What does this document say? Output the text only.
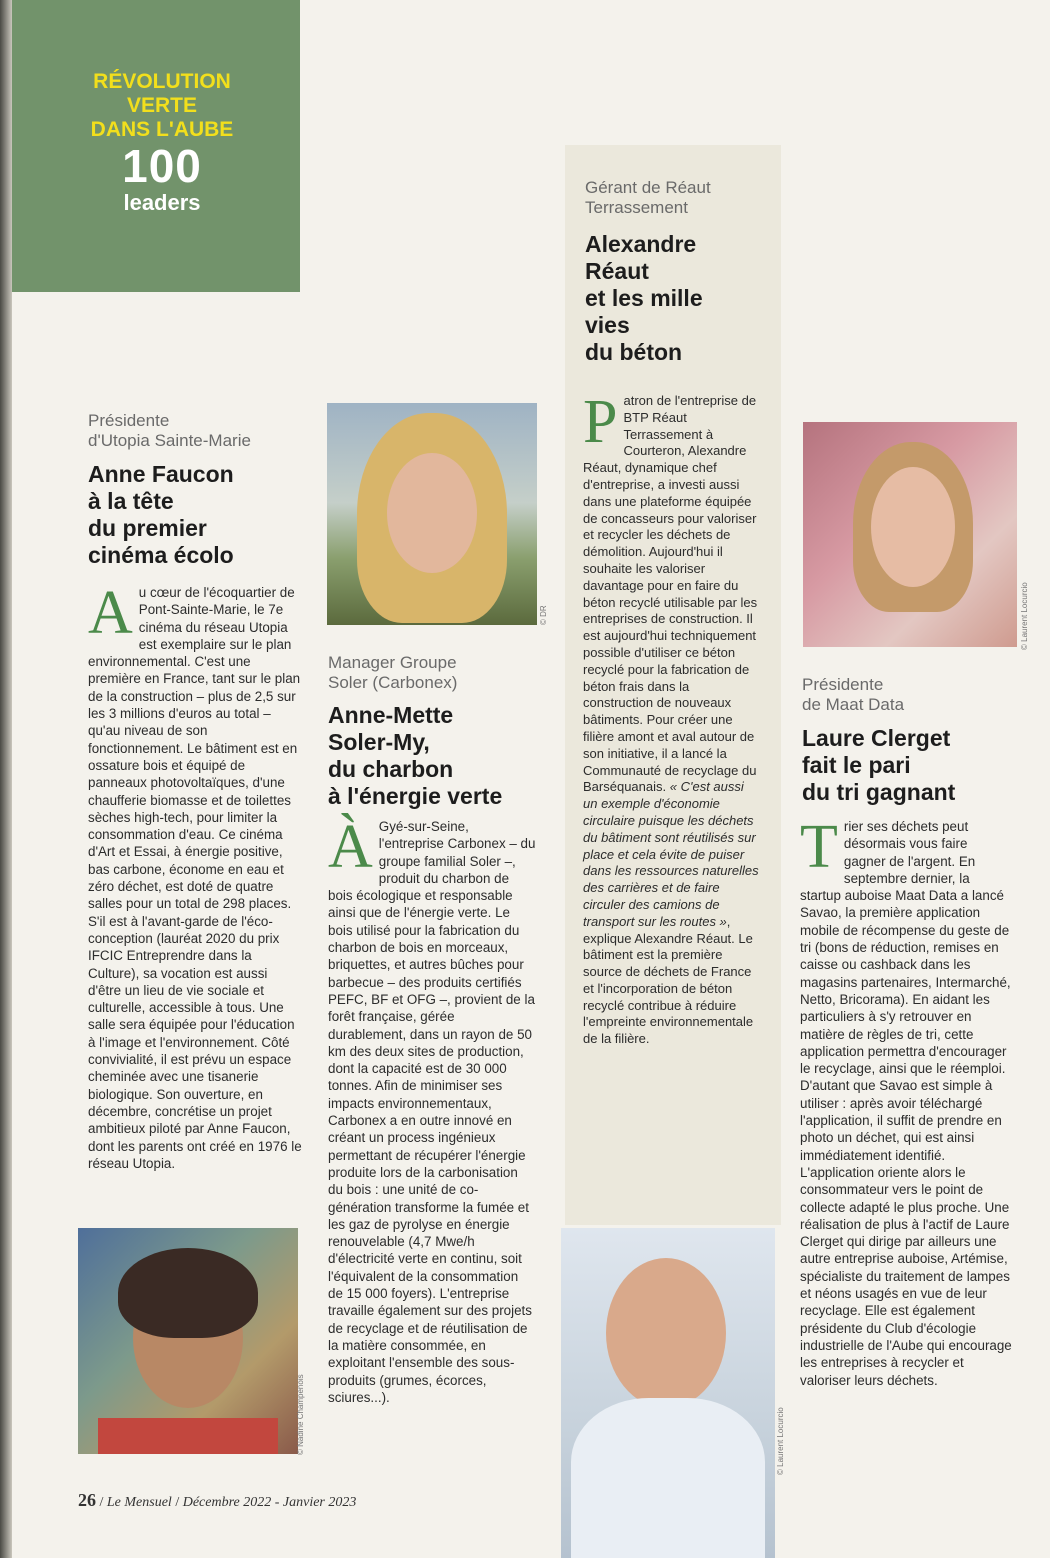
RÉVOLUTION
VERTE
DANS L'AUBE
100
leaders
Présidente
d'Utopia Sainte-Marie
Anne Faucon
à la tête
du premier
cinéma écolo
A u cœur de l'écoquartier de Pont-Sainte-Marie, le 7e cinéma du réseau Utopia est exemplaire sur le plan environnemental. C'est une première en France, tant sur le plan de la construction – plus de 2,5 sur les 3 millions d'euros au total – qu'au niveau de son fonctionnement. Le bâtiment est en ossature bois et équipé de panneaux photovoltaïques, d'une chaufferie biomasse et de toilettes sèches high-tech, pour limiter la consommation d'eau. Ce cinéma d'Art et Essai, à énergie positive, bas carbone, économe en eau et zéro déchet, est doté de quatre salles pour un total de 298 places. S'il est à l'avant-garde de l'éco-conception (lauréat 2020 du prix IFCIC Entreprendre dans la Culture), sa vocation est aussi d'être un lieu de vie sociale et culturelle, accessible à tous. Une salle sera équipée pour l'éducation à l'image et l'environnement. Côté convivialité, il est prévu un espace cheminée avec une tisanerie biologique. Son ouverture, en décembre, concrétise un projet ambitieux piloté par Anne Faucon, dont les parents ont créé en 1976 le réseau Utopia.

© Nadine Champenois
© DR
Manager Groupe
Soler (Carbonex)
Anne-Mette
Soler-My,
du charbon
à l'énergie verte
À Gyé-sur-Seine, l'entreprise Carbonex – du groupe familial Soler –, produit du charbon de bois écologique et responsable ainsi que de l'énergie verte. Le bois utilisé pour la fabrication du charbon de bois en morceaux, briquettes, et autres bûches pour barbecue – des produits certifiés PEFC, BF et OFG –, provient de la forêt française, gérée durablement, dans un rayon de 50 km des deux sites de production, dont la capacité est de 30 000 tonnes. Afin de minimiser ses impacts environnementaux, Carbonex a en outre innové en créant un process ingénieux permettant de récupérer l'énergie produite lors de la carbonisation du bois : une unité de co-génération transforme la fumée et les gaz de pyrolyse en énergie renouvelable (4,7 Mwe/h d'électricité verte en continu, soit l'équivalent de la consommation de 15 000 foyers). L'entreprise travaille également sur des projets de recyclage et de réutilisation de la matière consommée, en exploitant l'ensemble des sous-produits (grumes, écorces, sciures...).

Gérant de Réaut
Terrassement
Alexandre
Réaut
et les mille
vies
du béton
P atron de l'entreprise de BTP Réaut Terrassement à Courteron, Alexandre Réaut, dynamique chef d'entreprise, a investi aussi dans une plateforme équipée de concasseurs pour valoriser et recycler les déchets de démolition. Aujourd'hui il souhaite les valoriser davantage pour en faire du béton recyclé utilisable par les entreprises de construction. Il est aujourd'hui techniquement possible d'utiliser ce béton recyclé pour la fabrication de béton frais dans la construction de nouveaux bâtiments. Pour créer une filière amont et aval autour de son initiative, il a lancé la Communauté de recyclage du Barséquanais. « C'est aussi un exemple d'économie circulaire puisque les déchets du bâtiment sont réutilisés sur place et cela évite de puiser dans les ressources naturelles des carrières et de faire circuler des camions de transport sur les routes », explique Alexandre Réaut. Le bâtiment est la première source de déchets de France et l'incorporation de béton recyclé contribue à réduire l'empreinte environnementale de la filière.

© Laurent Locurcio
© Laurent Locurcio
Présidente
de Maat Data
Laure Clerget
fait le pari
du tri gagnant
T rier ses déchets peut désormais vous faire gagner de l'argent. En septembre dernier, la startup auboise Maat Data a lancé Savao, la première application mobile de récompense du geste de tri (bons de réduction, remises en caisse ou cashback dans les magasins partenaires, Intermarché, Netto, Bricorama). En aidant les particuliers à s'y retrouver en matière de règles de tri, cette application permettra d'encourager le recyclage, ainsi que le réemploi. D'autant que Savao est simple à utiliser : après avoir téléchargé l'application, il suffit de prendre en photo un déchet, qui est ainsi immédiatement identifié. L'application oriente alors le consommateur vers le point de collecte adapté le plus proche. Une réalisation de plus à l'actif de Laure Clerget qui dirige par ailleurs une autre entreprise auboise, Artémise, spécialiste du traitement de lampes et néons usagés en vue de leur recyclage. Elle est également présidente du Club d'écologie industrielle de l'Aube qui encourage les entreprises à recycler et valoriser leurs déchets.

26 / Le Mensuel / Décembre 2022 - Janvier 2023
